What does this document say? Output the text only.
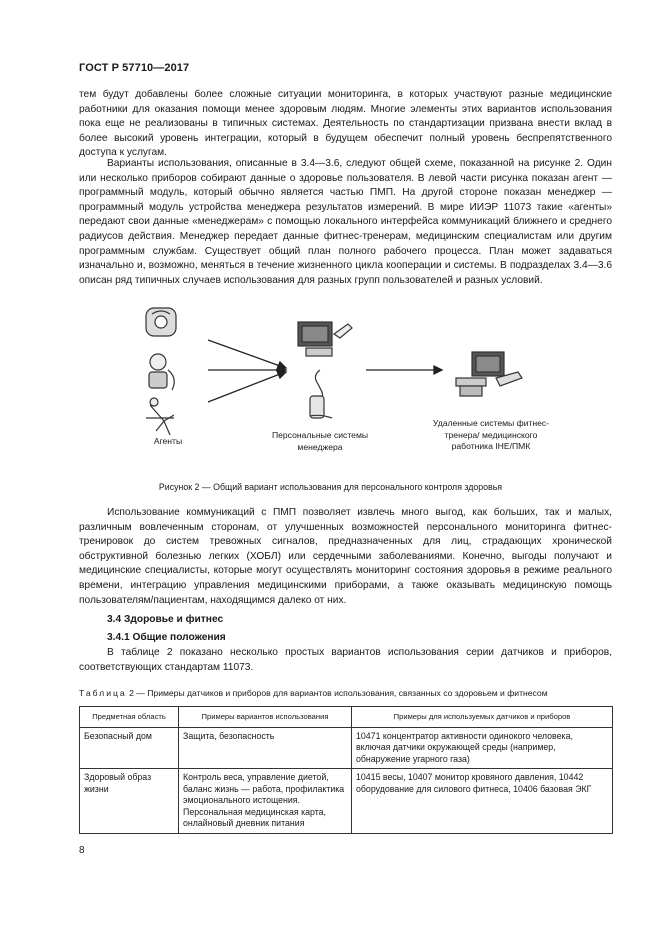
ГОСТ Р 57710—2017

тем будут добавлены более сложные ситуации мониторинга, в которых участвуют разные медицинские работники для оказания помощи менее здоровым людям. Многие элементы этих вариантов использования пока еще не реализованы в типичных системах. Деятельность по стандартизации призвана внести вклад в более высокий уровень интеграции, который в будущем обеспечит полный уровень беспрепятственного доступа к услугам.

Варианты использования, описанные в 3.4—3.6, следуют общей схеме, показанной на рисунке 2. Один или несколько приборов собирают данные о здоровье пользователя. В левой части рисунка показан агент — программный модуль, который обычно является частью ПМП. На другой стороне показан менеджер — программный модуль устройства менеджера результатов измерений. В мире ИИЭР 11073 такие «агенты» передают свои данные «менеджерам» с помощью локального интерфейса коммуникаций ближнего и среднего радиусов действия. Менеджер передает данные фитнес-тренерам, медицинским специалистам или другим программным службам. Существует общий план полного рабочего процесса. План может задаваться изначально и, возможно, меняться в течение жизненного цикла кооперации и системы. В подразделах 3.4—3.6 описан ряд типичных случаев использования для разных групп пользователей и разных условий.

Агенты
Персональные системы менеджера
Удаленные системы фитнес-тренера/ медицинского работника IHE/ПМК
Рисунок 2 — Общий вариант использования для персонального контроля здоровья

Использование коммуникаций с ПМП позволяет извлечь много выгод, как больших, так и малых, различным вовлеченным сторонам, от улучшенных возможностей персонального мониторинга фитнес-тренировок до систем тревожных сигналов, предназначенных для лиц, страдающих хронической обструктивной болезнью легких (ХОБЛ) или сердечными заболеваниями. Конечно, выгоды получают и медицинские специалисты, которые могут осуществлять мониторинг состояния здоровья в режиме реального времени, интеграцию управления медицинскими приборами, а также оказывать медицинскую помощь пользователям/пациентам, находящимся далеко от них.

3.4 Здоровье и фитнес
3.4.1 Общие положения

В таблице 2 показано несколько простых вариантов использования серии датчиков и приборов, соответствующих стандартам 11073.

Таблица 2 — Примеры датчиков и приборов для вариантов использования, связанных со здоровьем и фитнесом
Предметная область	Примеры вариантов использования	Примеры для используемых датчиков и приборов
Безопасный дом	Защита, безопасность	10471 концентратор активности одинокого человека, включая датчики окружающей среды (например, обнаружение угарного газа)
Здоровый образ жизни	Контроль веса, управление диетой, баланс жизнь — работа, профилактика эмоционального истощения. Персональная медицинская карта, онлайновый дневник питания	10415 весы, 10407 монитор кровяного давления, 10442 оборудование для силового фитнеса, 10406 базовая ЭКГ
8
